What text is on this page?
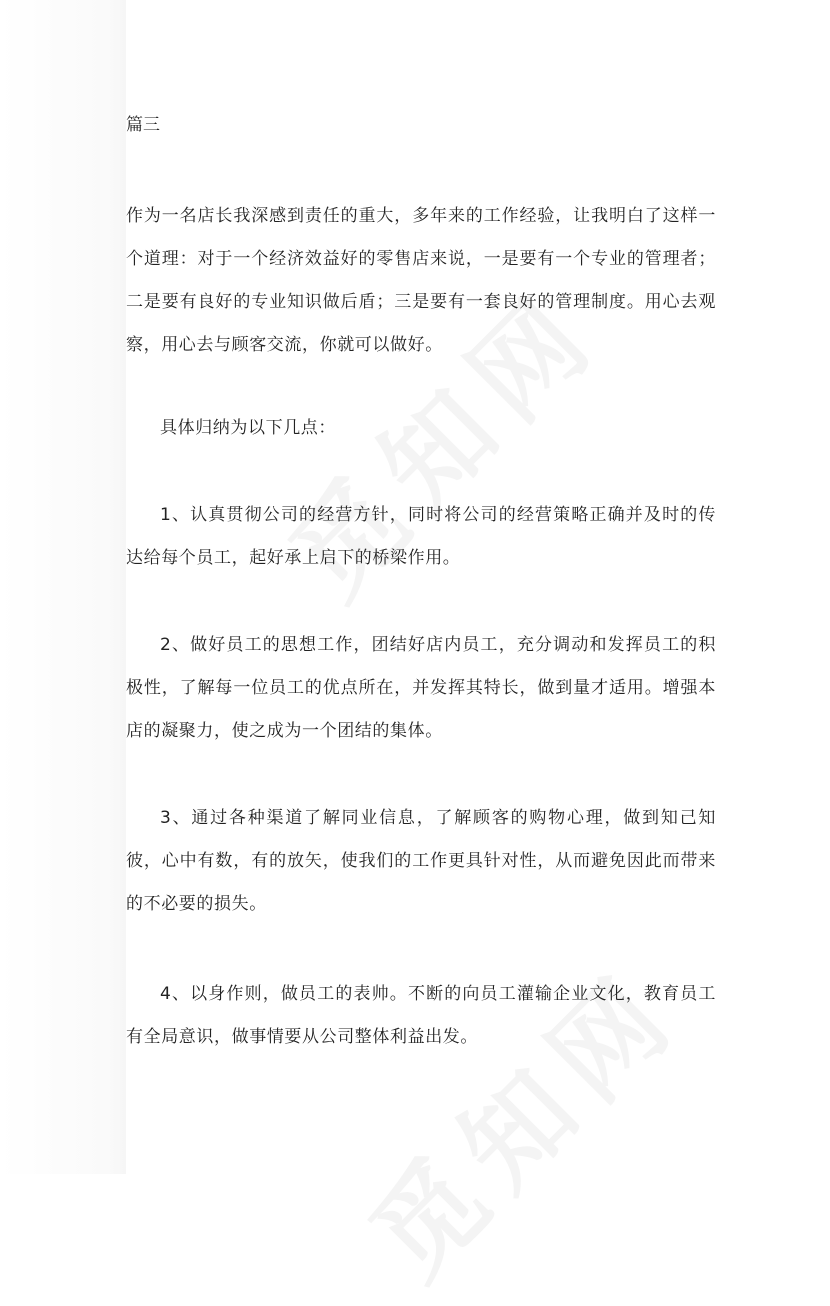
篇三

作为一名店长我深感到责任的重大，多年来的工作经验，让我明白了这样一个道理：对于一个经济效益好的零售店来说，一是要有一个专业的管理者；二是要有良好的专业知识做后盾；三是要有一套良好的管理制度。用心去观察，用心去与顾客交流，你就可以做好。

具体归纳为以下几点：

1、认真贯彻公司的经营方针，同时将公司的经营策略正确并及时的传达给每个员工，起好承上启下的桥梁作用。

2、做好员工的思想工作，团结好店内员工，充分调动和发挥员工的积极性，了解每一位员工的优点所在，并发挥其特长，做到量才适用。增强本店的凝聚力，使之成为一个团结的集体。

3、通过各种渠道了解同业信息，了解顾客的购物心理，做到知己知彼，心中有数，有的放矢，使我们的工作更具针对性，从而避免因此而带来的不必要的损失。

4、以身作则，做员工的表帅。不断的向员工灌输企业文化，教育员工有全局意识，做事情要从公司整体利益出发。
